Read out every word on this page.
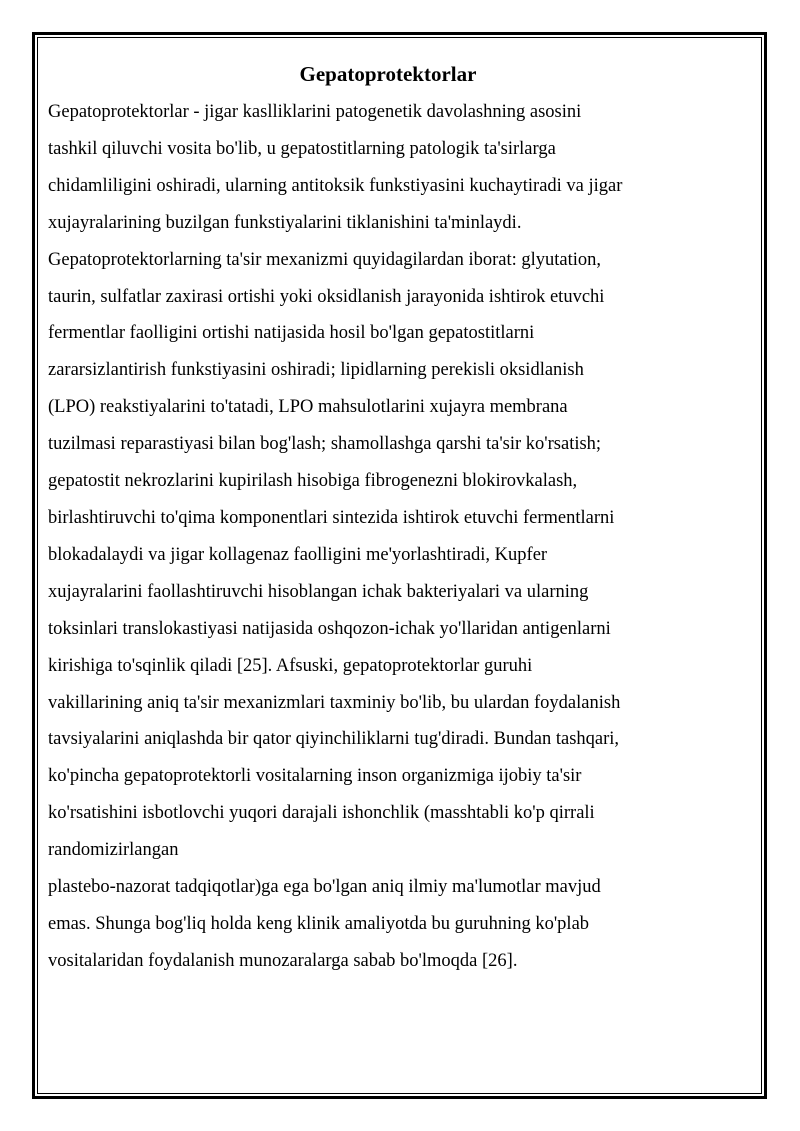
Gepatoprotektorlar

Gepatoprotektorlar - jigar kaslliklarini patogenetik davolashning asosini
tashkil qiluvchi vosita bo'lib, u gepatostitlarning patologik ta'sirlarga
chidamliligini oshiradi, ularning antitoksik funkstiyasini kuchaytiradi va jigar
xujayralarining buzilgan funkstiyalarini tiklanishini ta'minlaydi.
Gepatoprotektorlarning ta'sir mexanizmi quyidagilardan iborat: glyutation,
taurin, sulfatlar zaxirasi ortishi yoki oksidlanish jarayonida ishtirok etuvchi
fermentlar faolligini ortishi natijasida hosil bo'lgan gepatostitlarni
zararsizlantirish funkstiyasini oshiradi; lipidlarning perekisli oksidlanish
(LPO) reakstiyalarini to'tatadi, LPO mahsulotlarini xujayra membrana
tuzilmasi reparastiyasi bilan bog'lash; shamollashga qarshi ta'sir ko'rsatish;
gepatostit nekrozlarini kupirilash hisobiga fibrogenezni blokirovkalash,
birlashtiruvchi to'qima komponentlari sintezida ishtirok etuvchi fermentlarni
blokadalaydi va jigar kollagenaz faolligini me'yorlashtiradi, Kupfer
xujayralarini faollashtiruvchi hisoblangan ichak bakteriyalari va ularning
toksinlari translokastiyasi natijasida oshqozon-ichak yo'llaridan antigenlarni
kirishiga to'sqinlik qiladi [25]. Afsuski, gepatoprotektorlar guruhi
vakillarining aniq ta'sir mexanizmlari taxminiy bo'lib, bu ulardan foydalanish
tavsiyalarini aniqlashda bir qator qiyinchiliklarni tug'diradi. Bundan tashqari,
ko'pincha gepatoprotektorli vositalarning inson organizmiga ijobiy ta'sir
ko'rsatishini isbotlovchi yuqori darajali ishonchlik (masshtabli ko'p qirrali
randomizirlangan
plastebo-nazorat tadqiqotlar)ga ega bo'lgan aniq ilmiy ma'lumotlar mavjud
emas. Shunga bog'liq holda keng klinik amaliyotda bu guruhning ko'plab
vositalaridan foydalanish munozaralarga sabab bo'lmoqda [26].
